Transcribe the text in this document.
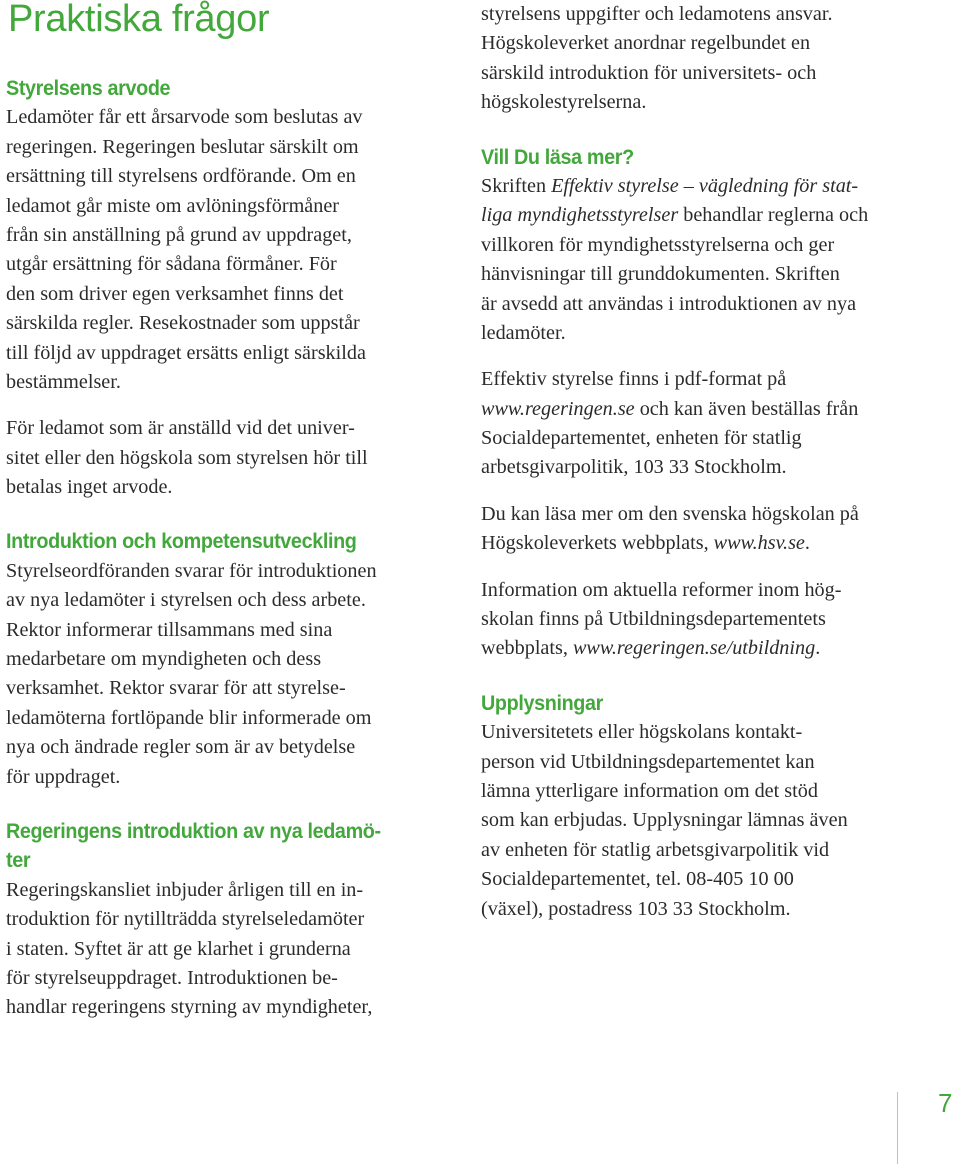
Praktiska frågor
Styrelsens arvode
Ledamöter får ett årsarvode som beslutas av
regeringen. Regeringen beslutar särskilt om
ersättning till styrelsens ordförande. Om en
ledamot går miste om avlöningsförmåner
från sin anställning på grund av uppdraget,
utgår ersättning för sådana förmåner. För
den som driver egen verksamhet finns det
särskilda regler. Resekostnader som uppstår
till följd av uppdraget ersätts enligt särskilda
bestämmelser.
För ledamot som är anställd vid det univer-
sitet eller den högskola som styrelsen hör till
betalas inget arvode.
Introduktion och kompetensutveckling
Styrelseordföranden svarar för introduktionen
av nya ledamöter i styrelsen och dess arbete.
Rektor informerar tillsammans med sina
medarbetare om myndigheten och dess
verksamhet. Rektor svarar för att styrelse-
ledamöterna fortlöpande blir informerade om
nya och ändrade regler som är av betydelse
för uppdraget.
Regeringens introduktion av nya ledamö-
ter
Regeringskansliet inbjuder årligen till en in-
troduktion för nytillträdda styrelseledamöter
i staten. Syftet är att ge klarhet i grunderna
för styrelseuppdraget. Introduktionen be-
handlar regeringens styrning av myndigheter,
styrelsens uppgifter och ledamotens ansvar.
Högskoleverket anordnar regelbundet en
särskild introduktion för universitets- och
högskolestyrelserna.
Vill Du läsa mer?
Skriften Effektiv styrelse – vägledning för stat-
liga myndighetsstyrelser behandlar reglerna och
villkoren för myndighetsstyrelserna och ger
hänvisningar till grunddokumenten. Skriften
är avsedd att användas i introduktionen av nya
ledamöter.
Effektiv styrelse finns i pdf-format på
www.regeringen.se och kan även beställas från
Socialdepartementet, enheten för statlig
arbetsgivarpolitik, 103 33 Stockholm.
Du kan läsa mer om den svenska högskolan på
Högskoleverkets webbplats, www.hsv.se.
Information om aktuella reformer inom hög-
skolan finns på Utbildningsdepartementets
webbplats, www.regeringen.se/utbildning.
Upplysningar
Universitetets eller högskolans kontakt-
person vid Utbildningsdepartementet kan
lämna ytterligare information om det stöd
som kan erbjudas. Upplysningar lämnas även
av enheten för statlig arbetsgivarpolitik vid
Socialdepartementet, tel. 08-405 10 00
(växel), postadress 103 33 Stockholm.
7
